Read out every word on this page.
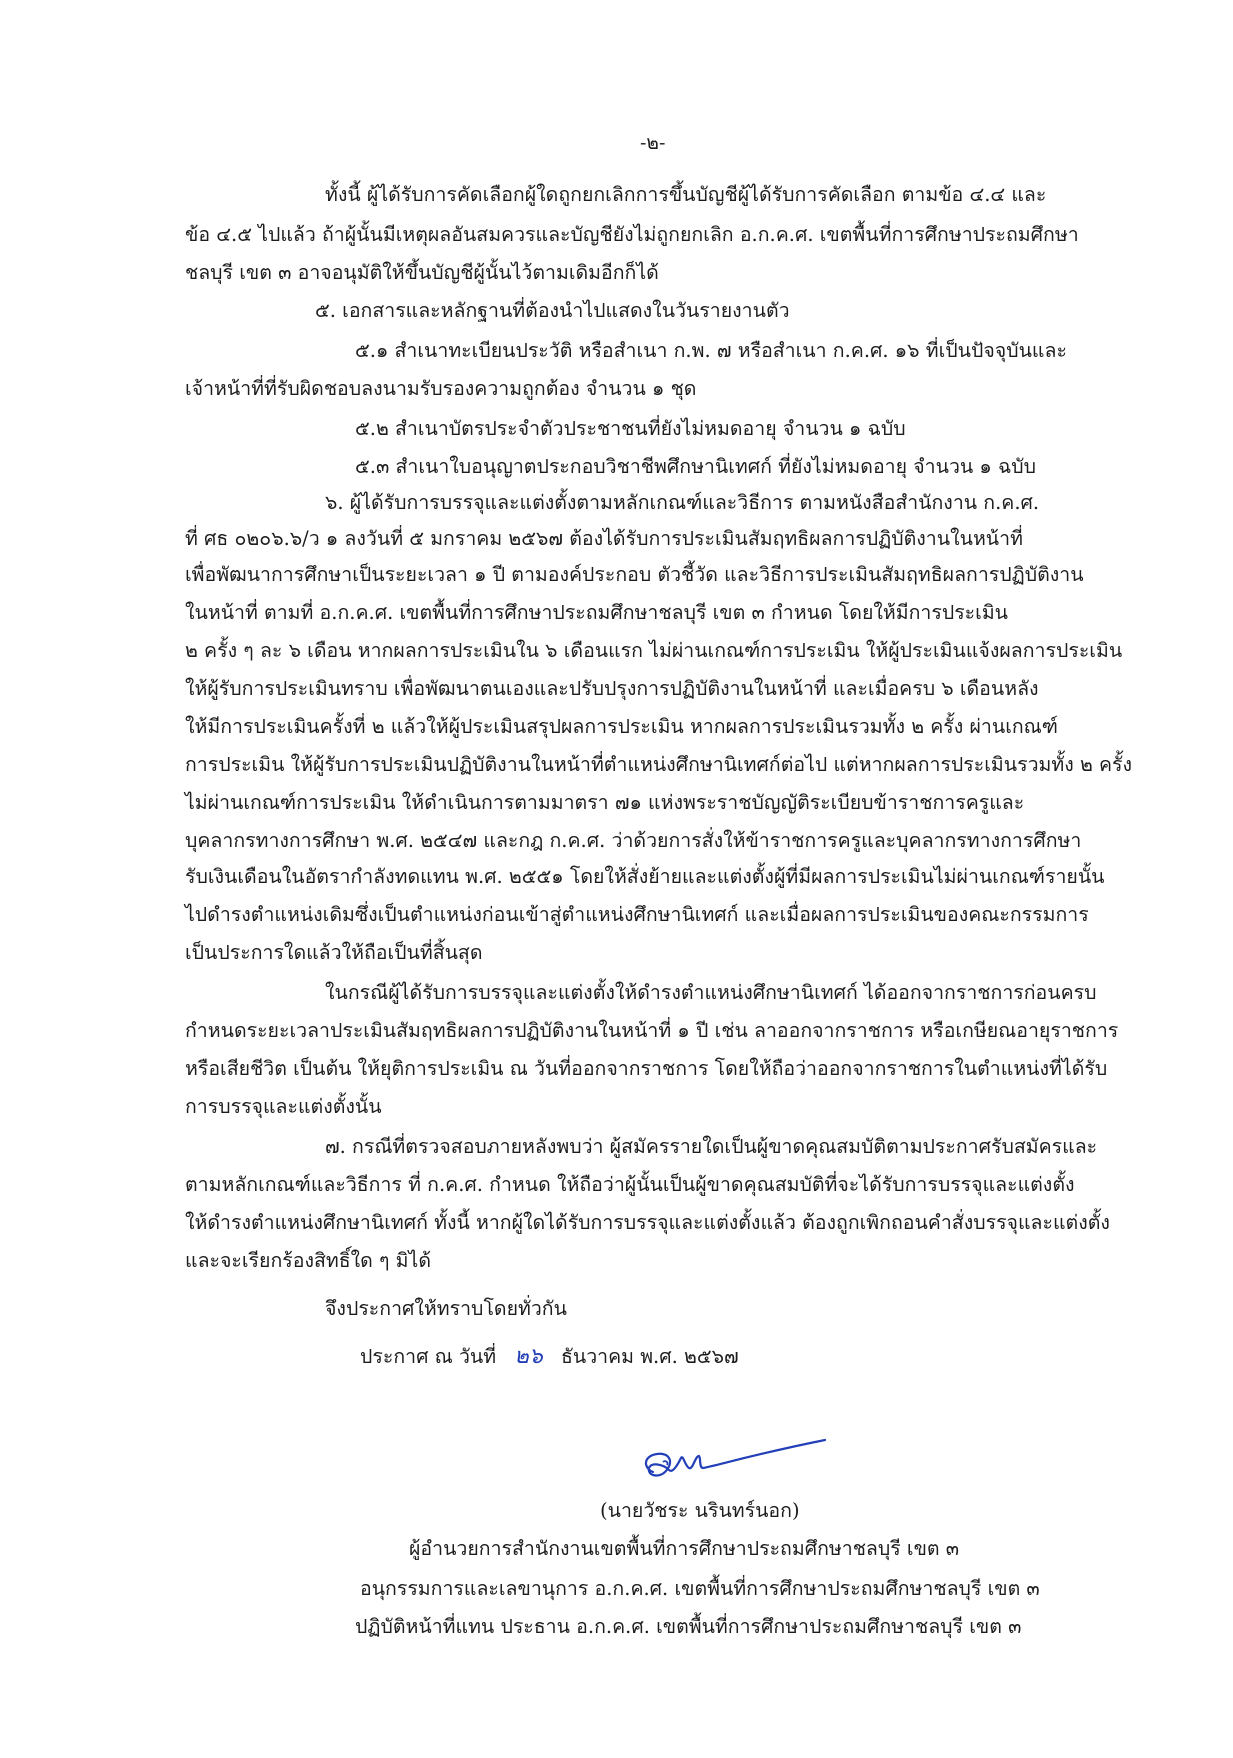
-๒-
ทั้งนี้ ผู้ได้รับการคัดเลือกผู้ใดถูกยกเลิกการขึ้นบัญชีผู้ได้รับการคัดเลือก ตามข้อ ๔.๔ และ
ข้อ ๔.๕ ไปแล้ว ถ้าผู้นั้นมีเหตุผลอันสมควรและบัญชียังไม่ถูกยกเลิก อ.ก.ค.ศ. เขตพื้นที่การศึกษาประถมศึกษา
ชลบุรี เขต ๓ อาจอนุมัติให้ขึ้นบัญชีผู้นั้นไว้ตามเดิมอีกก็ได้
๕. เอกสารและหลักฐานที่ต้องนำไปแสดงในวันรายงานตัว
๕.๑ สำเนาทะเบียนประวัติ หรือสำเนา ก.พ. ๗ หรือสำเนา ก.ค.ศ. ๑๖ ที่เป็นปัจจุบันและ
เจ้าหน้าที่ที่รับผิดชอบลงนามรับรองความถูกต้อง จำนวน ๑ ชุด
๕.๒ สำเนาบัตรประจำตัวประชาชนที่ยังไม่หมดอายุ จำนวน ๑ ฉบับ
๕.๓ สำเนาใบอนุญาตประกอบวิชาชีพศึกษานิเทศก์ ที่ยังไม่หมดอายุ จำนวน ๑ ฉบับ
๖. ผู้ได้รับการบรรจุและแต่งตั้งตามหลักเกณฑ์และวิธีการ ตามหนังสือสำนักงาน ก.ค.ศ.
ที่ ศธ ๐๒๐๖.๖/ว ๑ ลงวันที่ ๕ มกราคม ๒๕๖๗ ต้องได้รับการประเมินสัมฤทธิผลการปฏิบัติงานในหน้าที่
เพื่อพัฒนาการศึกษาเป็นระยะเวลา ๑ ปี ตามองค์ประกอบ ตัวชี้วัด และวิธีการประเมินสัมฤทธิผลการปฏิบัติงาน
ในหน้าที่ ตามที่ อ.ก.ค.ศ. เขตพื้นที่การศึกษาประถมศึกษาชลบุรี เขต ๓ กำหนด โดยให้มีการประเมิน
๒ ครั้ง ๆ ละ ๖ เดือน หากผลการประเมินใน ๖ เดือนแรก ไม่ผ่านเกณฑ์การประเมิน ให้ผู้ประเมินแจ้งผลการประเมิน
ให้ผู้รับการประเมินทราบ เพื่อพัฒนาตนเองและปรับปรุงการปฏิบัติงานในหน้าที่ และเมื่อครบ ๖ เดือนหลัง
ให้มีการประเมินครั้งที่ ๒ แล้วให้ผู้ประเมินสรุปผลการประเมิน หากผลการประเมินรวมทั้ง ๒ ครั้ง ผ่านเกณฑ์
การประเมิน ให้ผู้รับการประเมินปฏิบัติงานในหน้าที่ตำแหน่งศึกษานิเทศก์ต่อไป แต่หากผลการประเมินรวมทั้ง ๒ ครั้ง
ไม่ผ่านเกณฑ์การประเมิน ให้ดำเนินการตามมาตรา ๗๑ แห่งพระราชบัญญัติระเบียบข้าราชการครูและ
บุคลากรทางการศึกษา พ.ศ. ๒๕๔๗ และกฎ ก.ค.ศ. ว่าด้วยการสั่งให้ข้าราชการครูและบุคลากรทางการศึกษา
รับเงินเดือนในอัตรากำลังทดแทน พ.ศ. ๒๕๕๑ โดยให้สั่งย้ายและแต่งตั้งผู้ที่มีผลการประเมินไม่ผ่านเกณฑ์รายนั้น
ไปดำรงตำแหน่งเดิมซึ่งเป็นตำแหน่งก่อนเข้าสู่ตำแหน่งศึกษานิเทศก์ และเมื่อผลการประเมินของคณะกรรมการ
เป็นประการใดแล้วให้ถือเป็นที่สิ้นสุด
ในกรณีผู้ได้รับการบรรจุและแต่งตั้งให้ดำรงตำแหน่งศึกษานิเทศก์ ได้ออกจากราชการก่อนครบ
กำหนดระยะเวลาประเมินสัมฤทธิผลการปฏิบัติงานในหน้าที่ ๑ ปี เช่น ลาออกจากราชการ หรือเกษียณอายุราชการ
หรือเสียชีวิต เป็นต้น ให้ยุติการประเมิน ณ วันที่ออกจากราชการ โดยให้ถือว่าออกจากราชการในตำแหน่งที่ได้รับ
การบรรจุและแต่งตั้งนั้น
๗. กรณีที่ตรวจสอบภายหลังพบว่า ผู้สมัครรายใดเป็นผู้ขาดคุณสมบัติตามประกาศรับสมัครและ
ตามหลักเกณฑ์และวิธีการ ที่ ก.ค.ศ. กำหนด ให้ถือว่าผู้นั้นเป็นผู้ขาดคุณสมบัติที่จะได้รับการบรรจุและแต่งตั้ง
ให้ดำรงตำแหน่งศึกษานิเทศก์ ทั้งนี้ หากผู้ใดได้รับการบรรจุและแต่งตั้งแล้ว ต้องถูกเพิกถอนคำสั่งบรรจุและแต่งตั้ง
และจะเรียกร้องสิทธิ์ใด ๆ มิได้
จึงประกาศให้ทราบโดยทั่วกัน
ประกาศ ณ วันที่ ๒๖ ธันวาคม พ.ศ. ๒๕๖๗
(นายวัชระ นรินทร์นอก)
ผู้อำนวยการสำนักงานเขตพื้นที่การศึกษาประถมศึกษาชลบุรี เขต ๓
อนุกรรมการและเลขานุการ อ.ก.ค.ศ. เขตพื้นที่การศึกษาประถมศึกษาชลบุรี เขต ๓
ปฏิบัติหน้าที่แทน ประธาน อ.ก.ค.ศ. เขตพื้นที่การศึกษาประถมศึกษาชลบุรี เขต ๓
